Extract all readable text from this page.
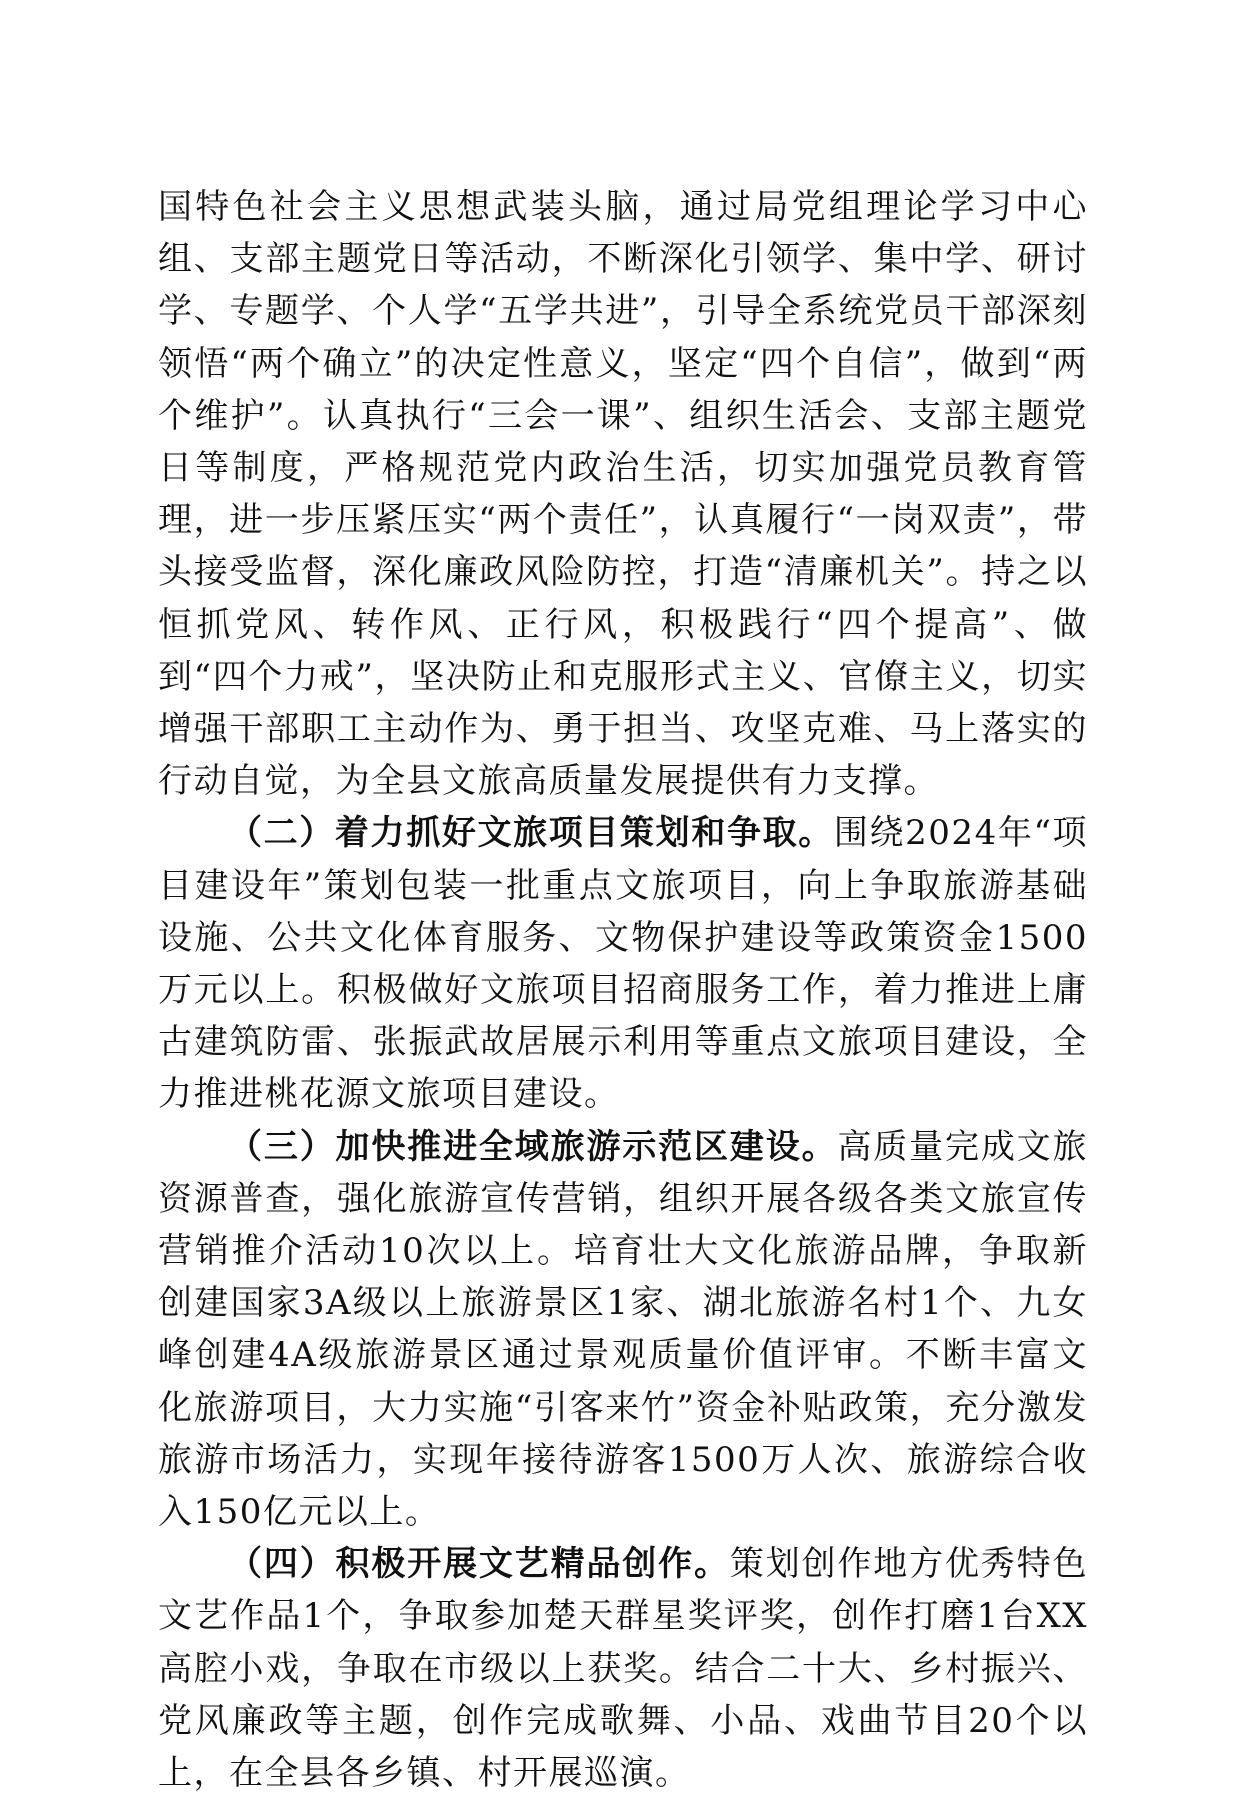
国特色社会主义思想武装头脑，通过局党组理论学习中心组、支部主题党日等活动，不断深化引领学、集中学、研讨学、专题学、个人学“五学共进”，引导全系统党员干部深刻领悟“两个确立”的决定性意义，坚定“四个自信”，做到“两个维护”。认真执行“三会一课”、组织生活会、支部主题党日等制度，严格规范党内政治生活，切实加强党员教育管理，进一步压紧压实“两个责任”，认真履行“一岗双责”，带头接受监督，深化廉政风险防控，打造“清廉机关”。持之以恒抓党风、转作风、正行风，积极践行“四个提高”、做到“四个力戒”，坚决防止和克服形式主义、官僚主义，切实增强干部职工主动作为、勇于担当、攻坚克难、马上落实的行动自觉，为全县文旅高质量发展提供有力支撑。

（二）着力抓好文旅项目策划和争取。围绕2024年“项目建设年”策划包装一批重点文旅项目，向上争取旅游基础设施、公共文化体育服务、文物保护建设等政策资金1500万元以上。积极做好文旅项目招商服务工作，着力推进上庸古建筑防雷、张振武故居展示利用等重点文旅项目建设，全力推进桃花源文旅项目建设。

（三）加快推进全域旅游示范区建设。高质量完成文旅资源普查，强化旅游宣传营销，组织开展各级各类文旅宣传营销推介活动10次以上。培育壮大文化旅游品牌，争取新创建国家3A级以上旅游景区1家、湖北旅游名村1个、九女峰创建4A级旅游景区通过景观质量价值评审。不断丰富文化旅游项目，大力实施“引客来竹”资金补贴政策，充分激发旅游市场活力，实现年接待游客1500万人次、旅游综合收入150亿元以上。

（四）积极开展文艺精品创作。策划创作地方优秀特色文艺作品1个，争取参加楚天群星奖评奖，创作打磨1台XX高腔小戏，争取在市级以上获奖。结合二十大、乡村振兴、党风廉政等主题，创作完成歌舞、小品、戏曲节目20个以上，在全县各乡镇、村开展巡演。
